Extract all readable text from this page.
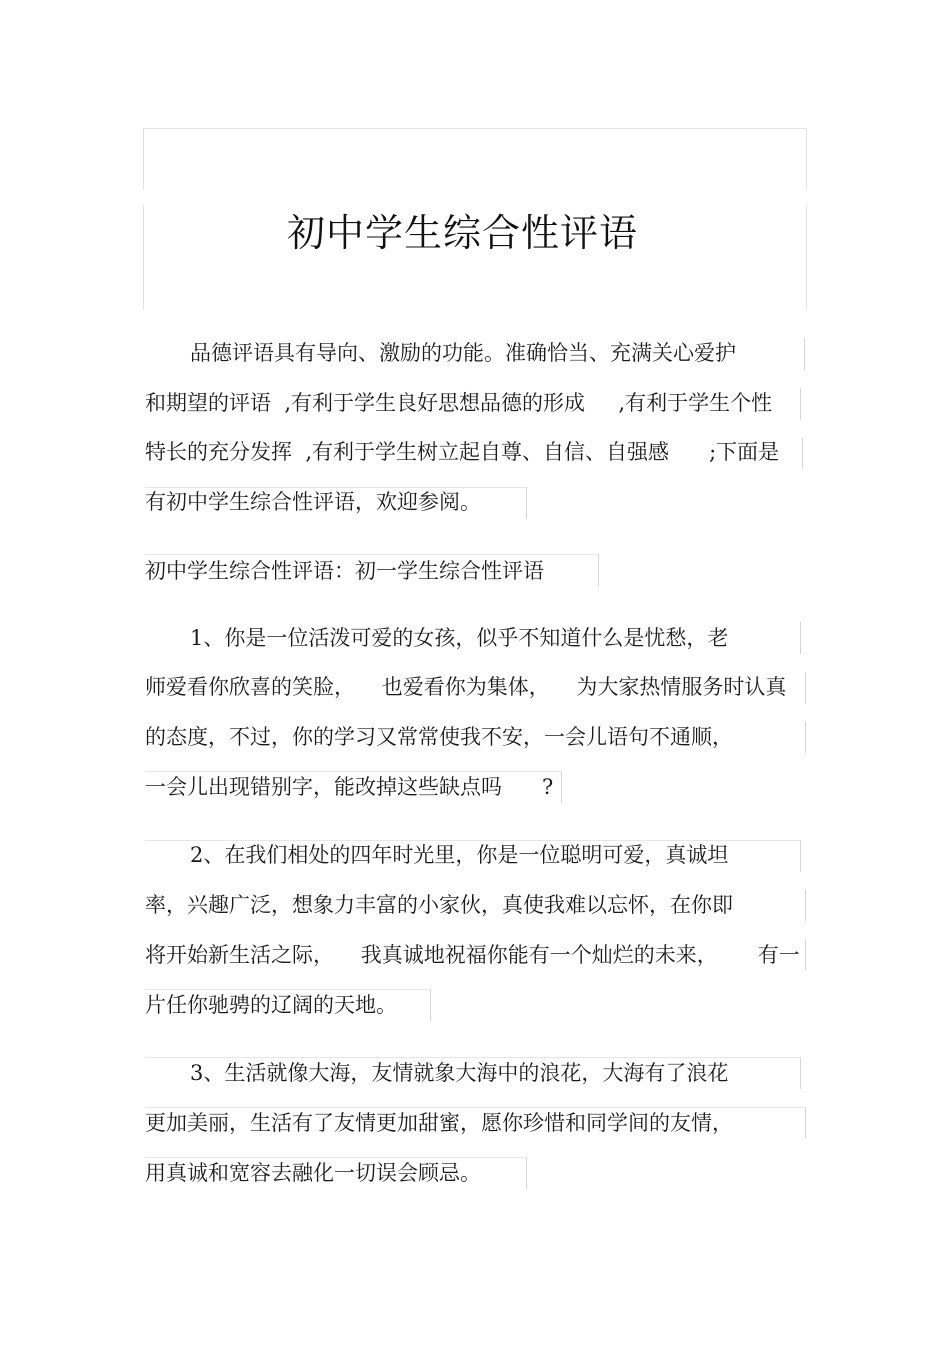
初中学生综合性评语
品德评语具有导向、激励的功能。准确恰当、充满关心爱护
和期望的评语  ,有利于学生良好思想品德的形成     ,有利于学生个性
特长的充分发挥  ,有利于学生树立起自尊、自信、自强感      ;下面是
有初中学生综合性评语，欢迎参阅。
初中学生综合性评语：初一学生综合性评语
1、你是一位活泼可爱的女孩，似乎不知道什么是忧愁，老
师爱看你欣喜的笑脸，    也爱看你为集体，    为大家热情服务时认真
的态度，不过，你的学习又常常使我不安，一会儿语句不通顺，
一会儿出现错别字，能改掉这些缺点吗      ?
2、在我们相处的四年时光里，你是一位聪明可爱，真诚坦
率，兴趣广泛，想象力丰富的小家伙，真使我难以忘怀，在你即
将开始新生活之际，    我真诚地祝福你能有一个灿烂的未来，      有一
片任你驰骋的辽阔的天地。
3、生活就像大海，友情就象大海中的浪花，大海有了浪花
更加美丽，生活有了友情更加甜蜜，愿你珍惜和同学间的友情，
用真诚和宽容去融化一切误会顾忌。
